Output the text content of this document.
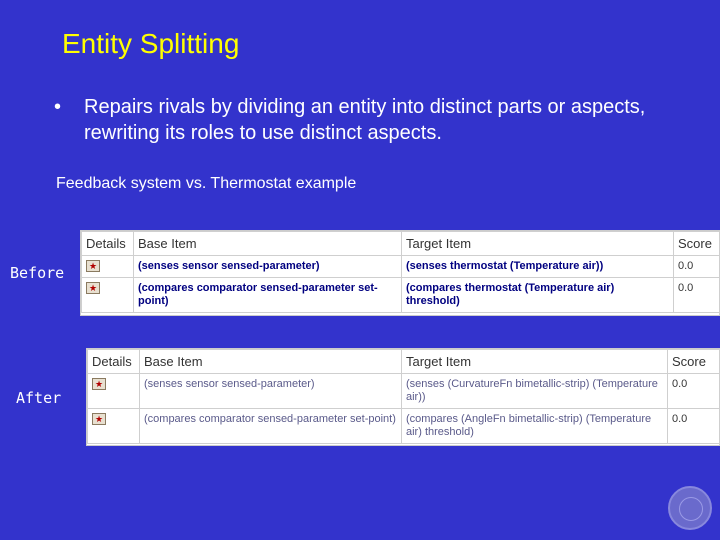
Entity Splitting
• Repairs rivals by dividing an entity into distinct parts or aspects, rewriting its roles to use distinct aspects.
Feedback system vs. Thermostat example
Before
After
Details	Base Item	Target Item	Score
★	(senses sensor sensed-parameter)	(senses thermostat (Temperature air))	0.0
★	(compares comparator sensed-parameter set-point)	(compares thermostat (Temperature air) threshold)	0.0
Details	Base Item	Target Item	Score
★	(senses sensor sensed-parameter)	(senses (CurvatureFn bimetallic-strip) (Temperature air))	0.0
★	(compares comparator sensed-parameter set-point)	(compares (AngleFn bimetallic-strip) (Temperature air) threshold)	0.0
